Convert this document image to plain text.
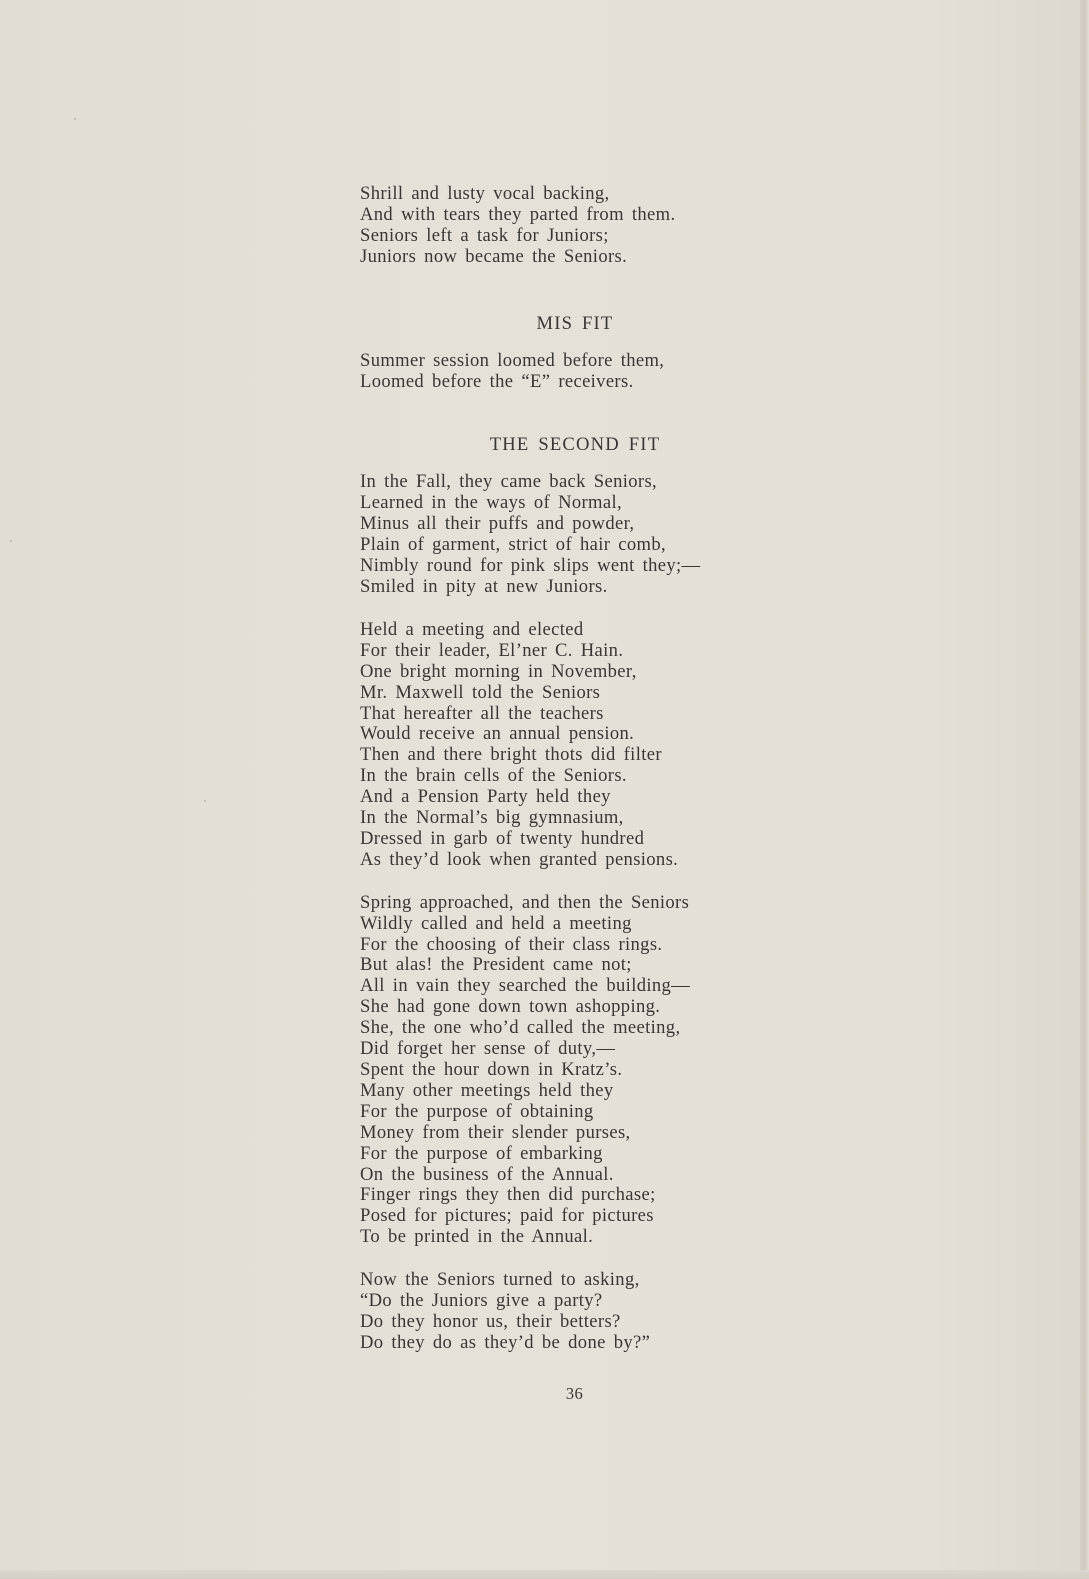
Shrill and lusty vocal backing,
And with tears they parted from them.
Seniors left a task for Juniors;
Juniors now became the Seniors.
MIS FIT
Summer session loomed before them,
Loomed before the “E” receivers.
THE SECOND FIT
In the Fall, they came back Seniors,
Learned in the ways of Normal,
Minus all their puffs and powder,
Plain of garment, strict of hair comb,
Nimbly round for pink slips went they;—
Smiled in pity at new Juniors.
Held a meeting and elected
For their leader, El’ner C. Hain.
One bright morning in November,
Mr. Maxwell told the Seniors
That hereafter all the teachers
Would receive an annual pension.
Then and there bright thots did filter
In the brain cells of the Seniors.
And a Pension Party held they
In the Normal’s big gymnasium,
Dressed in garb of twenty hundred
As they’d look when granted pensions.
Spring approached, and then the Seniors
Wildly called and held a meeting
For the choosing of their class rings.
But alas! the President came not;
All in vain they searched the building—
She had gone down town ashopping.
She, the one who’d called the meeting,
Did forget her sense of duty,—
Spent the hour down in Kratz’s.
Many other meetings held they
For the purpose of obtaining
Money from their slender purses,
For the purpose of embarking
On the business of the Annual.
Finger rings they then did purchase;
Posed for pictures; paid for pictures
To be printed in the Annual.
Now the Seniors turned to asking,
“Do the Juniors give a party?
Do they honor us, their betters?
Do they do as they’d be done by?”
36
